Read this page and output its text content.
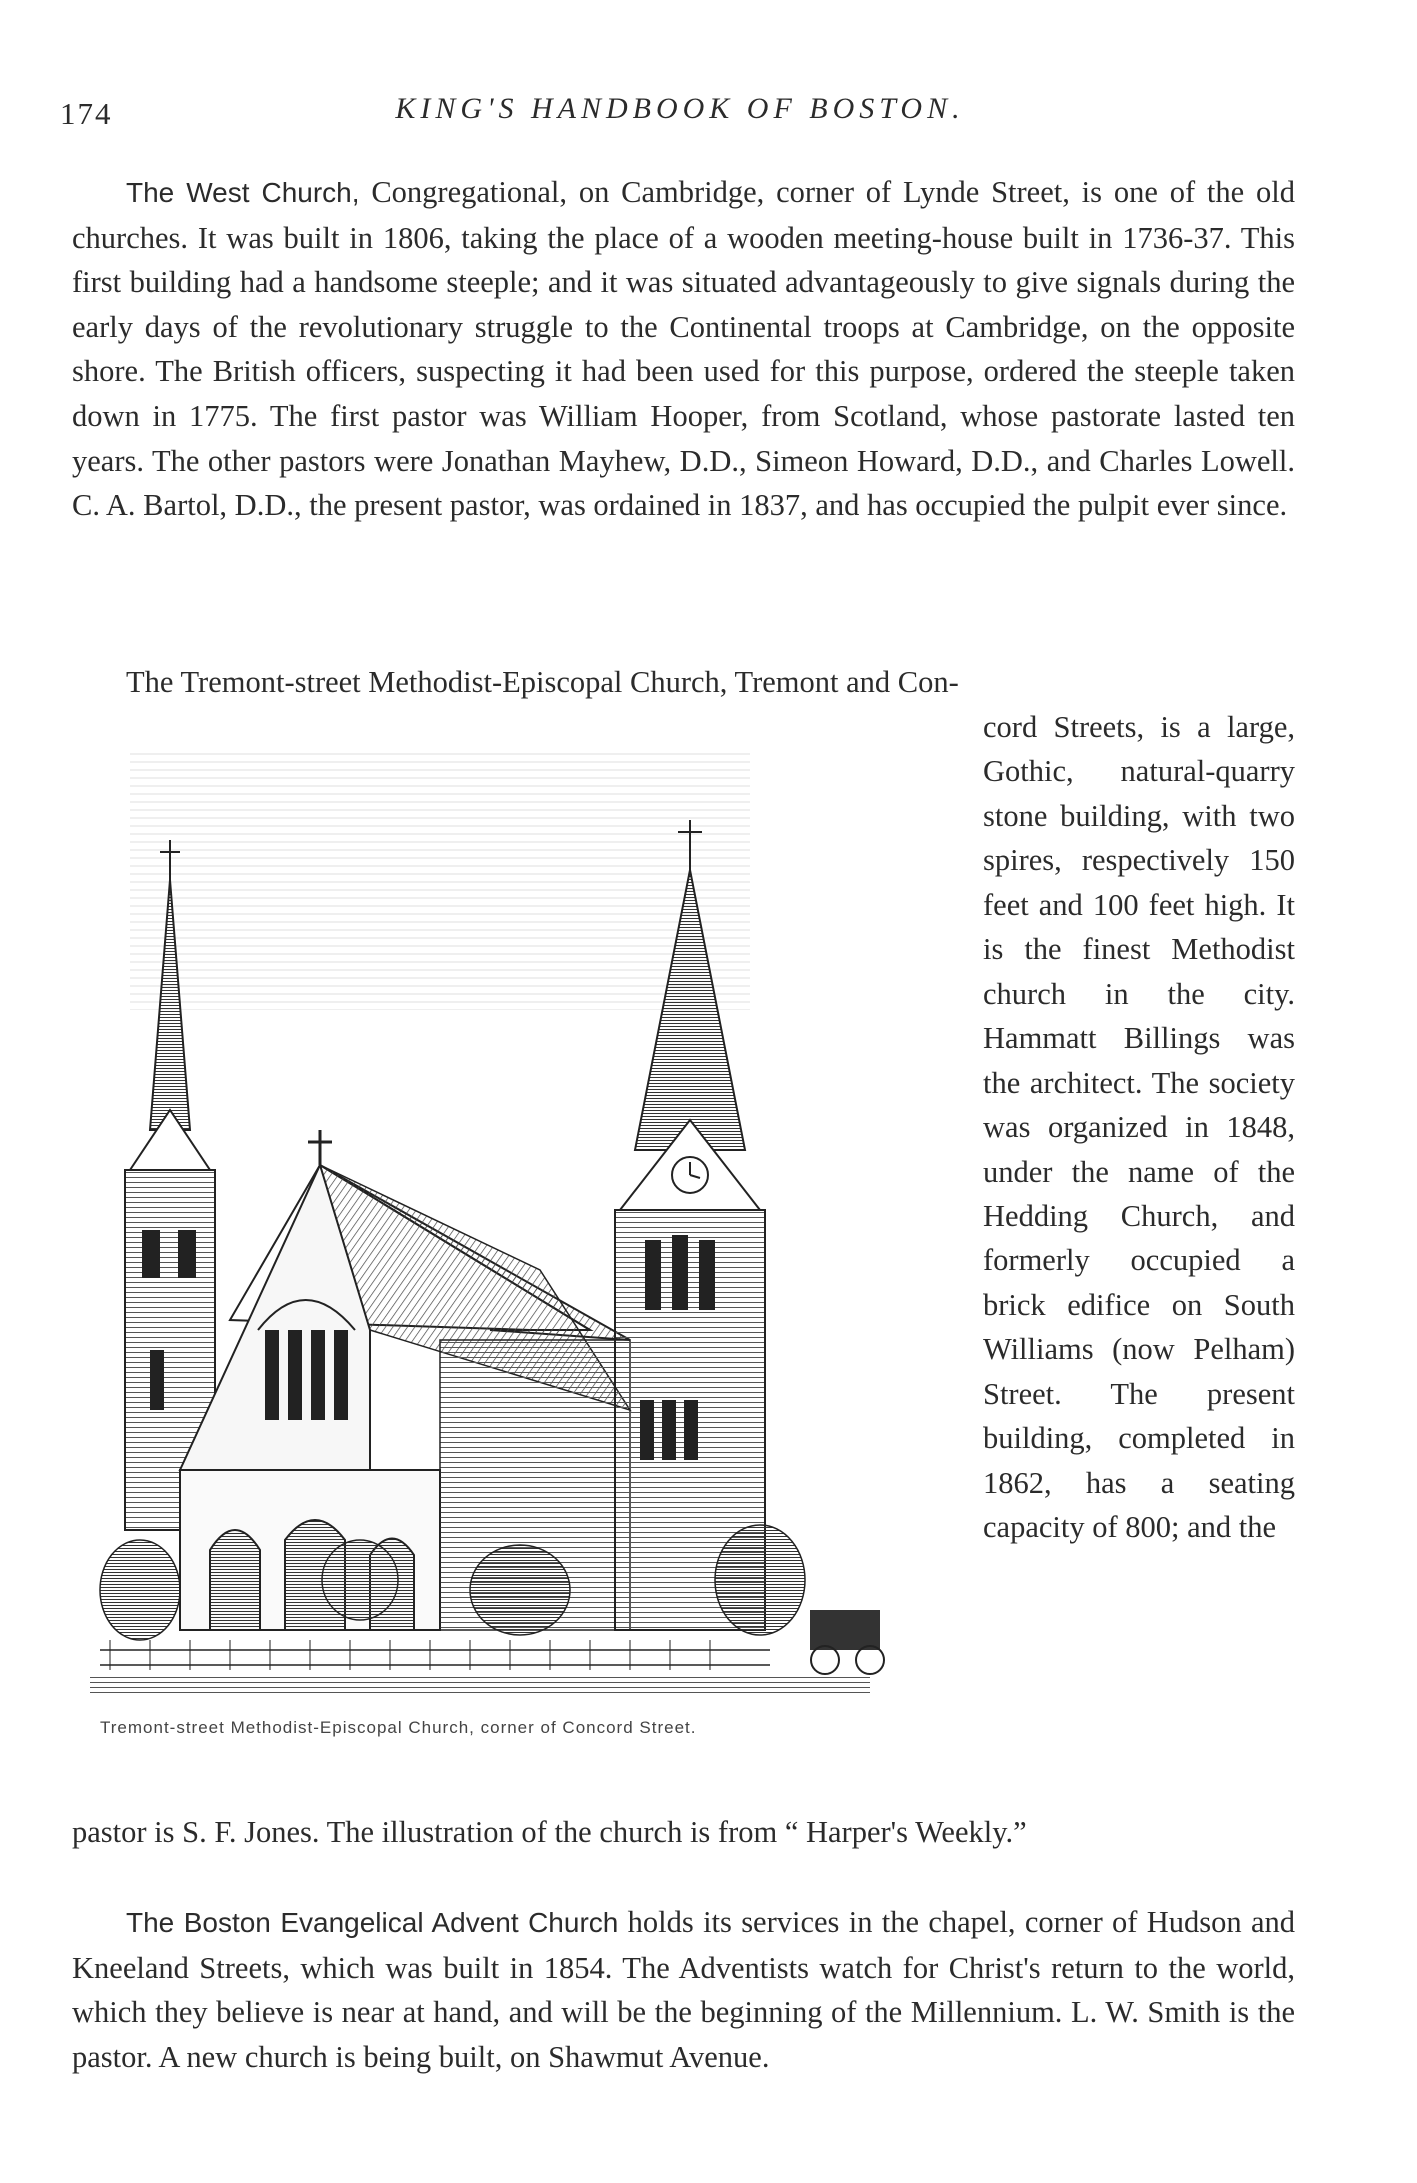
174	KING'S HANDBOOK OF BOSTON.

The West Church, Congregational, on Cambridge, corner of Lynde Street, is one of the old churches. It was built in 1806, taking the place of a wooden meeting-house built in 1736-37. This first building had a handsome steeple; and it was situated advantageously to give signals during the early days of the revolutionary struggle to the Continental troops at Cambridge, on the opposite shore. The British officers, suspecting it had been used for this purpose, ordered the steeple taken down in 1775. The first pastor was William Hooper, from Scotland, whose pastorate lasted ten years. The other pastors were Jonathan Mayhew, D.D., Simeon Howard, D.D., and Charles Lowell. C. A. Bartol, D.D., the present pastor, was ordained in 1837, and has occupied the pulpit ever since.

The Tremont-street Methodist-Episcopal Church, Tremont and Con-

Tremont-street Methodist-Episcopal Church, corner of Concord Street.

cord Streets, is a large, Gothic, natural-quarry stone building, with two spires, respectively 150 feet and 100 feet high. It is the finest Methodist church in the city. Hammatt Billings was the architect. The society was organized in 1848, under the name of the Hedding Church, and formerly occupied a brick edifice on South Williams (now Pelham) Street. The present building, completed in 1862, has a seating capacity of 800; and the

pastor is S. F. Jones. The illustration of the church is from “ Harper's Weekly.”

The Boston Evangelical Advent Church holds its services in the chapel, corner of Hudson and Kneeland Streets, which was built in 1854. The Adventists watch for Christ's return to the world, which they believe is near at hand, and will be the beginning of the Millennium. L. W. Smith is the pastor. A new church is being built, on Shawmut Avenue.
